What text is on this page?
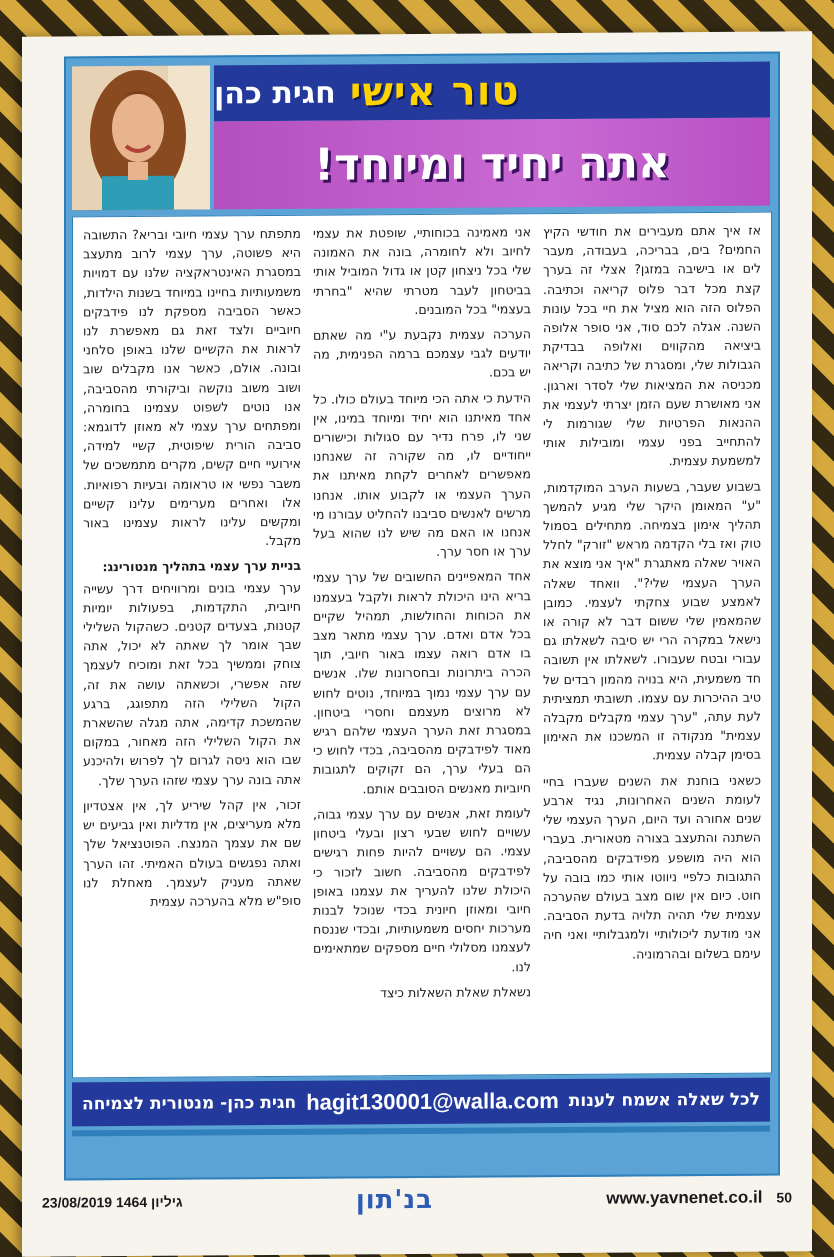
טור אישי
חגית כהן
אתה יחיד ומיוחד!

אז איך אתם מעבירים את חודשי הקיץ החמים? בים, בבריכה, בעבודה, מעבר לים או בישיבה במזגן? אצלי זה בערך קצת מכל דבר פלוס קריאה וכתיבה. הפלוס הזה הוא מציל את חיי בכל עונות השנה. אגלה לכם סוד, אני סופר אלופה ביציאה מהקווים ואלופה בבדיקת הגבולות שלי, ומסגרת של כתיבה וקריאה מכניסה את המציאות שלי לסדר וארגון. אני מאושרת שעם הזמן יצרתי לעצמי את ההנאות הפרטיות שלי שגורמות לי להתחייב בפני עצמי ומובילות אותי למשמעת עצמית.

בשבוע שעבר, בשעות הערב המוקדמות, "ע" המאומן היקר שלי מגיע להמשך תהליך אימון בצמיחה. מתחילים בסמול טוק ואז בלי הקדמה מראש "זורק" לחלל האויר שאלה מאתגרת "איך אני מוצא את הערך העצמי שלי?". וואחד שאלה לאמצע שבוע צחקתי לעצמי. כמובן שהמאמין שלי ששום דבר לא קורה או נישאל במקרה הרי יש סיבה לשאלתו גם עבורי ובטח שעבורו. לשאלתו אין תשובה חד משמעית, היא בנויה מהמון רבדים של טיב ההיכרות עם עצמו. תשובתי תמציתית לעת עתה, "ערך עצמי מקבלים מקבלה עצמית" מנקודה זו המשכנו את האימון בסימן קבלה עצמית.

כשאני בוחנת את השנים שעברו בחיי לעומת השנים האחרונות, נגיד ארבע שנים אחורה ועד היום, הערך העצמי שלי השתנה והתעצב בצורה מטאורית. בעברי הוא היה מושפע מפידבקים מהסביבה, התגובות כלפיי ניווטו אותי כמו בובה על חוט. כיום אין שום מצב בעולם שהערכה עצמית שלי תהיה תלויה בדעת הסביבה. אני מודעת ליכולותיי ולמגבלותיי ואני חיה עימם בשלום ובהרמוניה.

אני מאמינה בכוחותיי, שופטת את עצמי לחיוב ולא לחומרה, בונה את האמונה שלי בכל ניצחון קטן או גדול המוביל אותי בביטחון לעבר מטרתי שהיא "בחרתי בעצמי" בכל המובנים.

הערכה עצמית נקבעת ע"י מה שאתם יודעים לגבי עצמכם ברמה הפנימית, מה יש בכם.

הידעת כי אתה הכי מיוחד בעולם כולו. כל אחד מאיתנו הוא יחיד ומיוחד במינו, אין שני לו, פרח נדיר עם סגולות וכישורים ייחודיים לו, מה שקורה זה שאנחנו מאפשרים לאחרים לקחת מאיתנו את הערך העצמי או לקבוע אותו. אנחנו מרשים לאנשים סביבנו להחליט עבורנו מי אנחנו או האם מה שיש לנו שהוא בעל ערך או חסר ערך.

אחד המאפיינים החשובים של ערך עצמי בריא הינו היכולת לראות ולקבל בעצמנו את הכוחות והחולשות, תמהיל שקיים בכל אדם ואדם. ערך עצמי מתאר מצב בו אדם רואה עצמו באור חיובי, תוך הכרה ביתרונות ובחסרונות שלו. אנשים עם ערך עצמי נמוך במיוחד, נוטים לחוש לא מרוצים מעצמם וחסרי ביטחון. במסגרת זאת הערך העצמי שלהם רגיש מאוד לפידבקים מהסביבה, בכדי לחוש כי הם בעלי ערך, הם זקוקים לתגובות חיוביות מאנשים הסובבים אותם.

לעומת זאת, אנשים עם ערך עצמי גבוה, עשויים לחוש שבעי רצון ובעלי ביטחון עצמי. הם עשויים להיות פחות רגישים לפידבקים מהסביבה. חשוב לזכור כי היכולת שלנו להעריך את עצמנו באופן חיובי ומאוזן חיונית בכדי שנוכל לבנות מערכות יחסים משמעותיות, ובכדי שננסח לעצמנו מסלולי חיים מספקים שמתאימים לנו.

נשאלת שאלת השאלות כיצד

מתפתח ערך עצמי חיובי ובריא? התשובה היא פשוטה, ערך עצמי לרוב מתעצב במסגרת האינטראקציה שלנו עם דמויות משמעותיות בחיינו במיוחד בשנות הילדות, כאשר הסביבה מספקת לנו פידבקים חיוביים ולצד זאת גם מאפשרת לנו לראות את הקשיים שלנו באופן סלחני ובונה. אולם, כאשר אנו מקבלים שוב ושוב משוב נוקשה וביקורתי מהסביבה, אנו נוטים לשפוט עצמינו בחומרה, ומפתחים ערך עצמי לא מאוזן לדוגמא: סביבה הורית שיפוטית, קשיי למידה, אירועיי חיים קשים, מקרים מתמשכים של משבר נפשי או טראומה ובעיות רפואיות. אלו ואחרים מערימים עלינו קשיים ומקשים עלינו לראות עצמינו באור מקבל.

בניית ערך עצמי בתהליך מנטורינג:

ערך עצמי בונים ומרוויחים דרך עשייה חיובית, התקדמות, בפעולות יומיות קטנות, בצעדים קטנים. כשהקול השלילי שבך אומר לך שאתה לא יכול, אתה צוחק וממשיך בכל זאת ומוכיח לעצמך שזה אפשרי, וכשאתה עושה את זה, הקול השלילי הזה מתפוגג, ברגע שהמשכת קדימה, אתה מגלה שהשארת את הקול השלילי הזה מאחור, במקום שבו הוא ניסה לגרום לך לפרוש ולהיכנע אתה בונה ערך עצמי שזהו הערך שלך.

זכור, אין קהל שיריע לך, אין אצטדיון מלא מעריצים, אין מדליות ואין גביעים יש שם את עצמך המנצח. הפוטנציאל שלך ואתה נפגשים בעולם האמיתי. זהו הערך שאתה מעניק לעצמך. מאחלת לנו סופ"ש מלא בהערכה עצמית

לכל שאלה אשמח לענות
hagit130001@walla.com
חגית כהן- מנטורית לצמיחה
גיליון 1464 23/08/2019	בנ'תון	www.yavnenet.co.il 50
